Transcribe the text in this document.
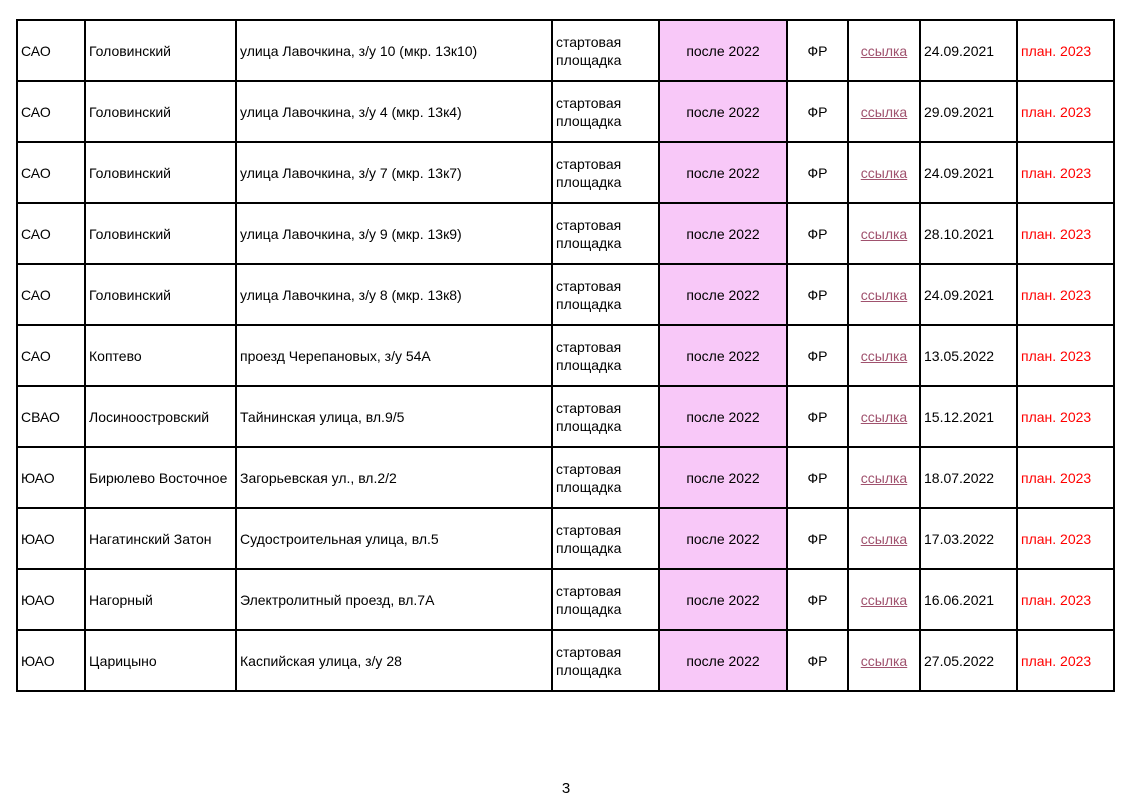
САО	Головинский	улица Лавочкина, з/у 10 (мкр. 13к10)	стартовая площадка	после 2022	ФР	ссылка	24.09.2021	план. 2023
САО	Головинский	улица Лавочкина, з/у 4 (мкр. 13к4)	стартовая площадка	после 2022	ФР	ссылка	29.09.2021	план. 2023
САО	Головинский	улица Лавочкина, з/у 7 (мкр. 13к7)	стартовая площадка	после 2022	ФР	ссылка	24.09.2021	план. 2023
САО	Головинский	улица Лавочкина, з/у 9 (мкр. 13к9)	стартовая площадка	после 2022	ФР	ссылка	28.10.2021	план. 2023
САО	Головинский	улица Лавочкина, з/у 8 (мкр. 13к8)	стартовая площадка	после 2022	ФР	ссылка	24.09.2021	план. 2023
САО	Коптево	проезд Черепановых, з/у 54А	стартовая площадка	после 2022	ФР	ссылка	13.05.2022	план. 2023
СВАО	Лосиноостровский	Тайнинская улица, вл.9/5	стартовая площадка	после 2022	ФР	ссылка	15.12.2021	план. 2023
ЮАО	Бирюлево Восточное	Загорьевская ул., вл.2/2	стартовая площадка	после 2022	ФР	ссылка	18.07.2022	план. 2023
ЮАО	Нагатинский Затон	Судостроительная улица, вл.5	стартовая площадка	после 2022	ФР	ссылка	17.03.2022	план. 2023
ЮАО	Нагорный	Электролитный проезд, вл.7А	стартовая площадка	после 2022	ФР	ссылка	16.06.2021	план. 2023
ЮАО	Царицыно	Каспийская улица, з/у 28	стартовая площадка	после 2022	ФР	ссылка	27.05.2022	план. 2023
3
